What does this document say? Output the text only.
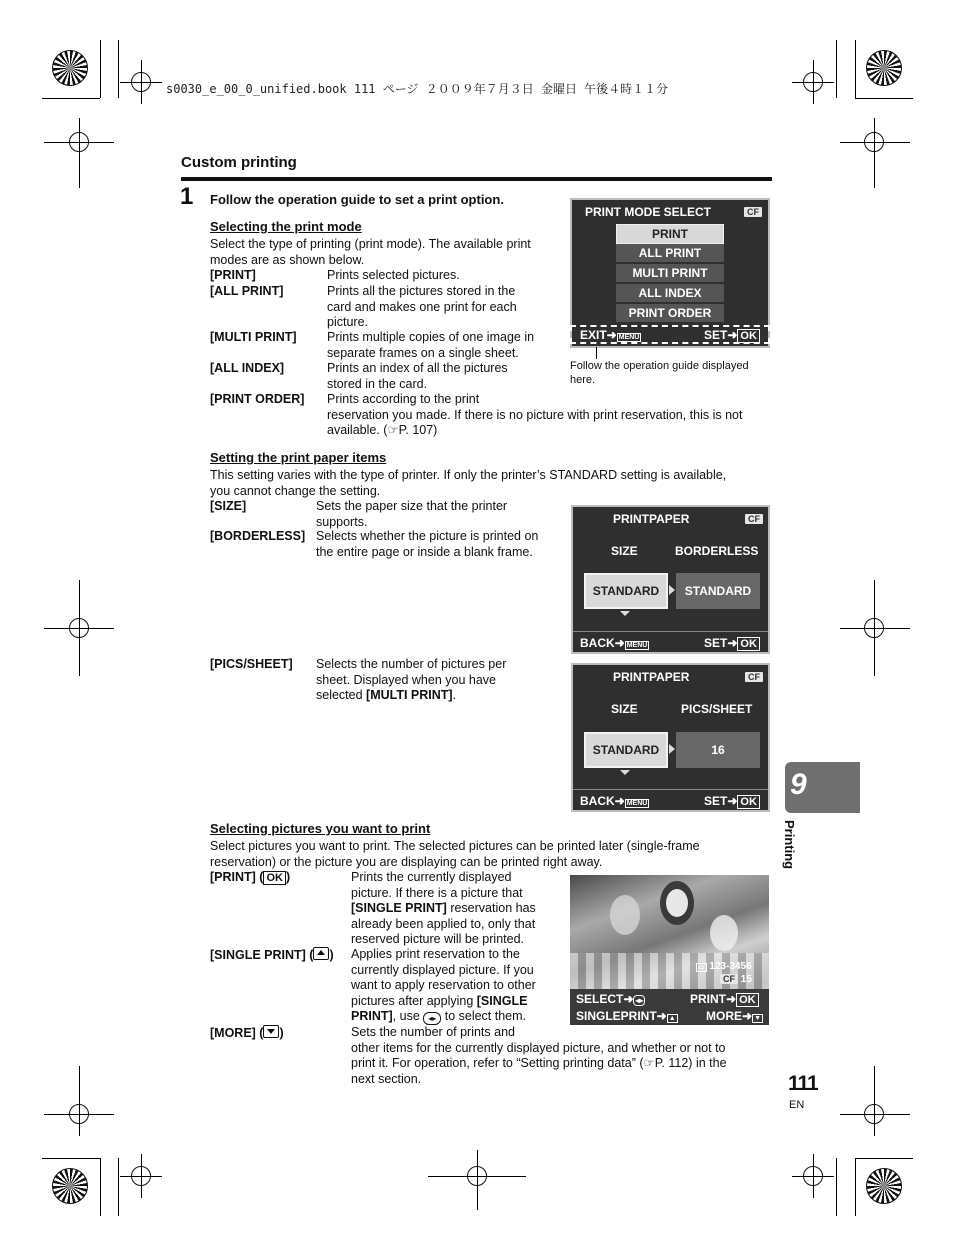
s0030_e_00_0_unified.book 111 ページ ２００９年７月３日 金曜日 午後４時１１分
Custom printing
1 Follow the operation guide to set a print option.
Selecting the print mode
Select the type of printing (print mode). The available print
modes are as shown below.
[PRINT]	Prints selected pictures.
[ALL PRINT]	Prints all the pictures stored in the
card and makes one print for each
picture.
[MULTI PRINT] Prints multiple copies of one image in
separate frames on a single sheet.
[ALL INDEX]	Prints an index of all the pictures
stored in the card.
[PRINT ORDER] Prints according to the print
reservation you made. If there is no picture with print reservation, this is not
available. (☞P. 107)
PRINT MODE SELECT	CF
PRINT
ALL PRINT
MULTI PRINT
ALL INDEX
PRINT ORDER
EXIT➜ MENU	SET➜ OK
Follow the operation guide displayed
here.
Setting the print paper items
This setting varies with the type of printer. If only the printer’s STANDARD setting is available,
you cannot change the setting.
[SIZE]	Sets the paper size that the printer
supports.
[BORDERLESS] Selects whether the picture is printed on
the entire page or inside a blank frame.
PRINTPAPER	CF
SIZE	BORDERLESS
STANDARD	STANDARD
BACK➜ MENU	SET➜ OK
[PICS/SHEET] Selects the number of pictures per
sheet. Displayed when you have
selected [MULTI PRINT].
PRINTPAPER	CF
SIZE	PICS/SHEET
STANDARD	16
BACK➜ MENU	SET➜ OK
Selecting pictures you want to print
Select pictures you want to print. The selected pictures can be printed later (single-frame
reservation) or the picture you are displaying can be printed right away.
[PRINT] ( OK )	Prints the currently displayed
picture. If there is a picture that
[SINGLE PRINT] reservation has
already been applied to, only that
reserved picture will be printed.
[SINGLE PRINT] ( ) Applies print reservation to the
currently displayed picture. If you
want to apply reservation to other
pictures after applying [SINGLE
PRINT], use ◂▸ to select them.
[MORE] ( )	Sets the number of prints and
other items for the currently displayed picture, and whether or not to
print it. For operation, refer to “Setting printing data” (☞P. 112) in the
next section.
▭ 123-3456
CF 15
SELECT➜ ◂▸	PRINT➜ OK
SINGLEPRINT➜ ▲	MORE➜ ▼
9
Printing
111
EN
